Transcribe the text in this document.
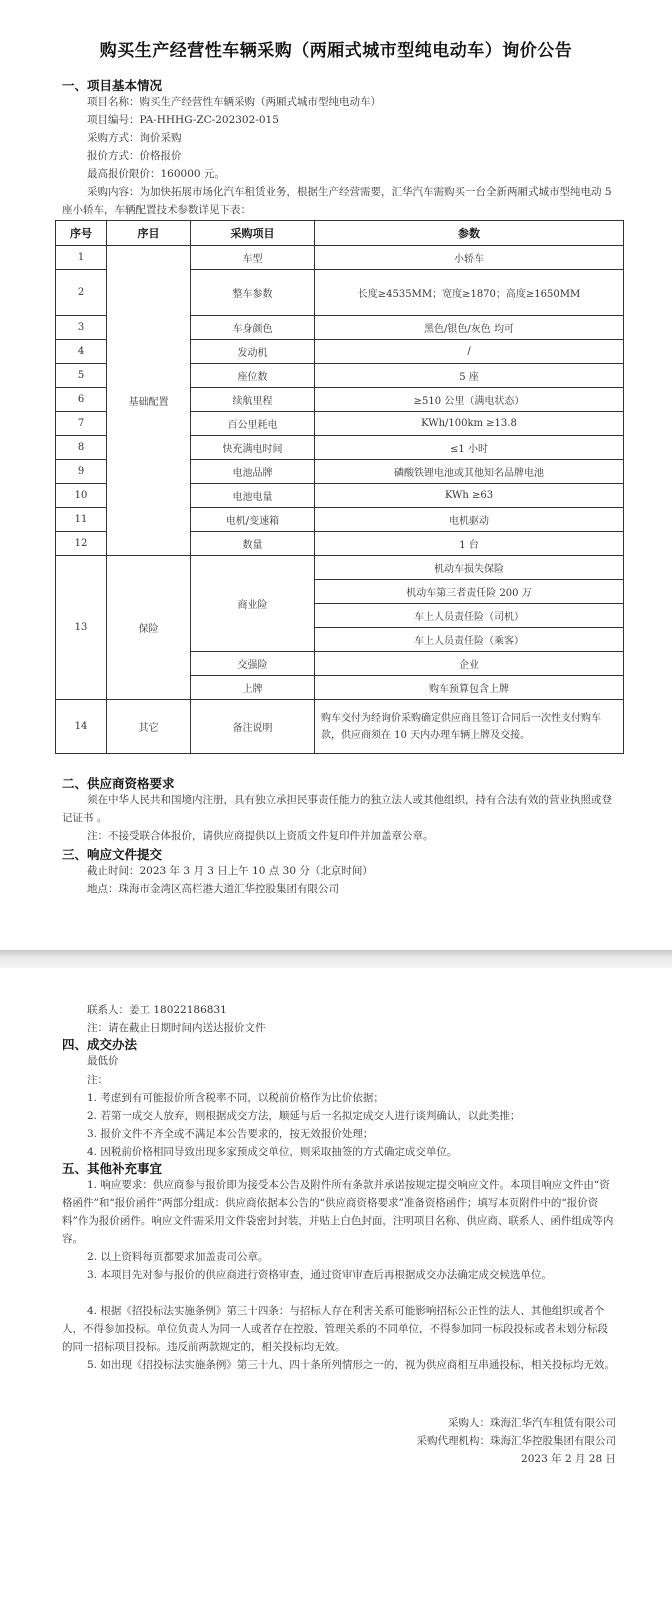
购买生产经营性车辆采购（两厢式城市型纯电动车）询价公告
一、项目基本情况
项目名称：购买生产经营性车辆采购（两厢式城市型纯电动车）
项目编号：PA-HHHG-ZC-202302-015
采购方式：询价采购
报价方式：价格报价
最高报价限价：160000 元。
采购内容：为加快拓展市场化汽车租赁业务，根据生产经营需要，汇华汽车需购买一台全新两厢式城市型纯电动 5 座小轿车，车辆配置技术参数详见下表：
序号	序目	采购项目	参数
1	基础配置	车型	小轿车
2		整车参数	长度≥4535MM；宽度≥1870；高度≥1650MM
3		车身颜色	黑色/银色/灰色 均可
4		发动机	/
5		座位数	5 座
6		续航里程	≥510 公里（满电状态）
7		百公里耗电	KWh/100km ≥13.8
8		快充满电时间	≤1 小时
9		电池品牌	磷酸铁锂电池或其他知名品牌电池
10		电池电量	KWh ≥63
11		电机/变速箱	电机驱动
12		数量	1 台
13	保险	商业险	机动车损失保险
			机动车第三者责任险 200 万
			车上人员责任险（司机）
			车上人员责任险（乘客）
		交强险	企业
		上牌	购车预算包含上牌
14	其它	备注说明	购车交付为经询价采购确定供应商且签订合同后一次性支付购车款，供应商须在 10 天内办理车辆上牌及交接。
二、供应商资格要求
须在中华人民共和国境内注册，具有独立承担民事责任能力的独立法人或其他组织，持有合法有效的营业执照或登记证书 。
注：不接受联合体报价，请供应商提供以上资质文件复印件并加盖章公章。
三、响应文件提交
截止时间：2023 年 3 月 3 日上午 10 点 30 分（北京时间）
地点：珠海市金湾区高栏港大道汇华控股集团有限公司
联系人：姜工 18022186831
注：请在截止日期时间内送达报价文件
四、成交办法
最低价
注：
1. 考虑到有可能报价所含税率不同，以税前价格作为比价依据；
2. 若第一成交人放弃，则根据成交方法，顺延与后一名拟定成交人进行谈判确认，以此类推；
3. 报价文件不齐全或不满足本公告要求的，按无效报价处理；
4. 因税前价格相同导致出现多家预成交单位，则采取抽签的方式确定成交单位。
五、其他补充事宜
1. 响应要求：供应商参与报价即为接受本公告及附件所有条款并承诺按规定提交响应文件。本项目响应文件由“资格函件”和“报价函件”两部分组成：供应商依据本公告的“供应商资格要求”准备资格函件；填写本页附件中的“报价资料”作为报价函件。响应文件需采用文件袋密封封装，并贴上白色封面，注明项目名称、供应商、联系人、函件组成等内容。
2. 以上资料每页都要求加盖责司公章。
3. 本项目先对参与报价的供应商进行资格审查，通过资审审查后再根据成交办法确定成交候选单位。
4. 根据《招投标法实施条例》第三十四条：与招标人存在利害关系可能影响招标公正性的法人、其他组织或者个人，不得参加投标。单位负责人为同一人或者存在控股、管理关系的不同单位，不得参加同一标段投标或者未划分标段的同一招标项目投标。违反前两款规定的，相关投标均无效。
5. 如出现《招投标法实施条例》第三十九、四十条所列情形之一的，视为供应商相互串通投标，相关投标均无效。
采购人：珠海汇华汽车租赁有限公司
采购代理机构：珠海汇华控股集团有限公司
2023 年 2 月 28 日
